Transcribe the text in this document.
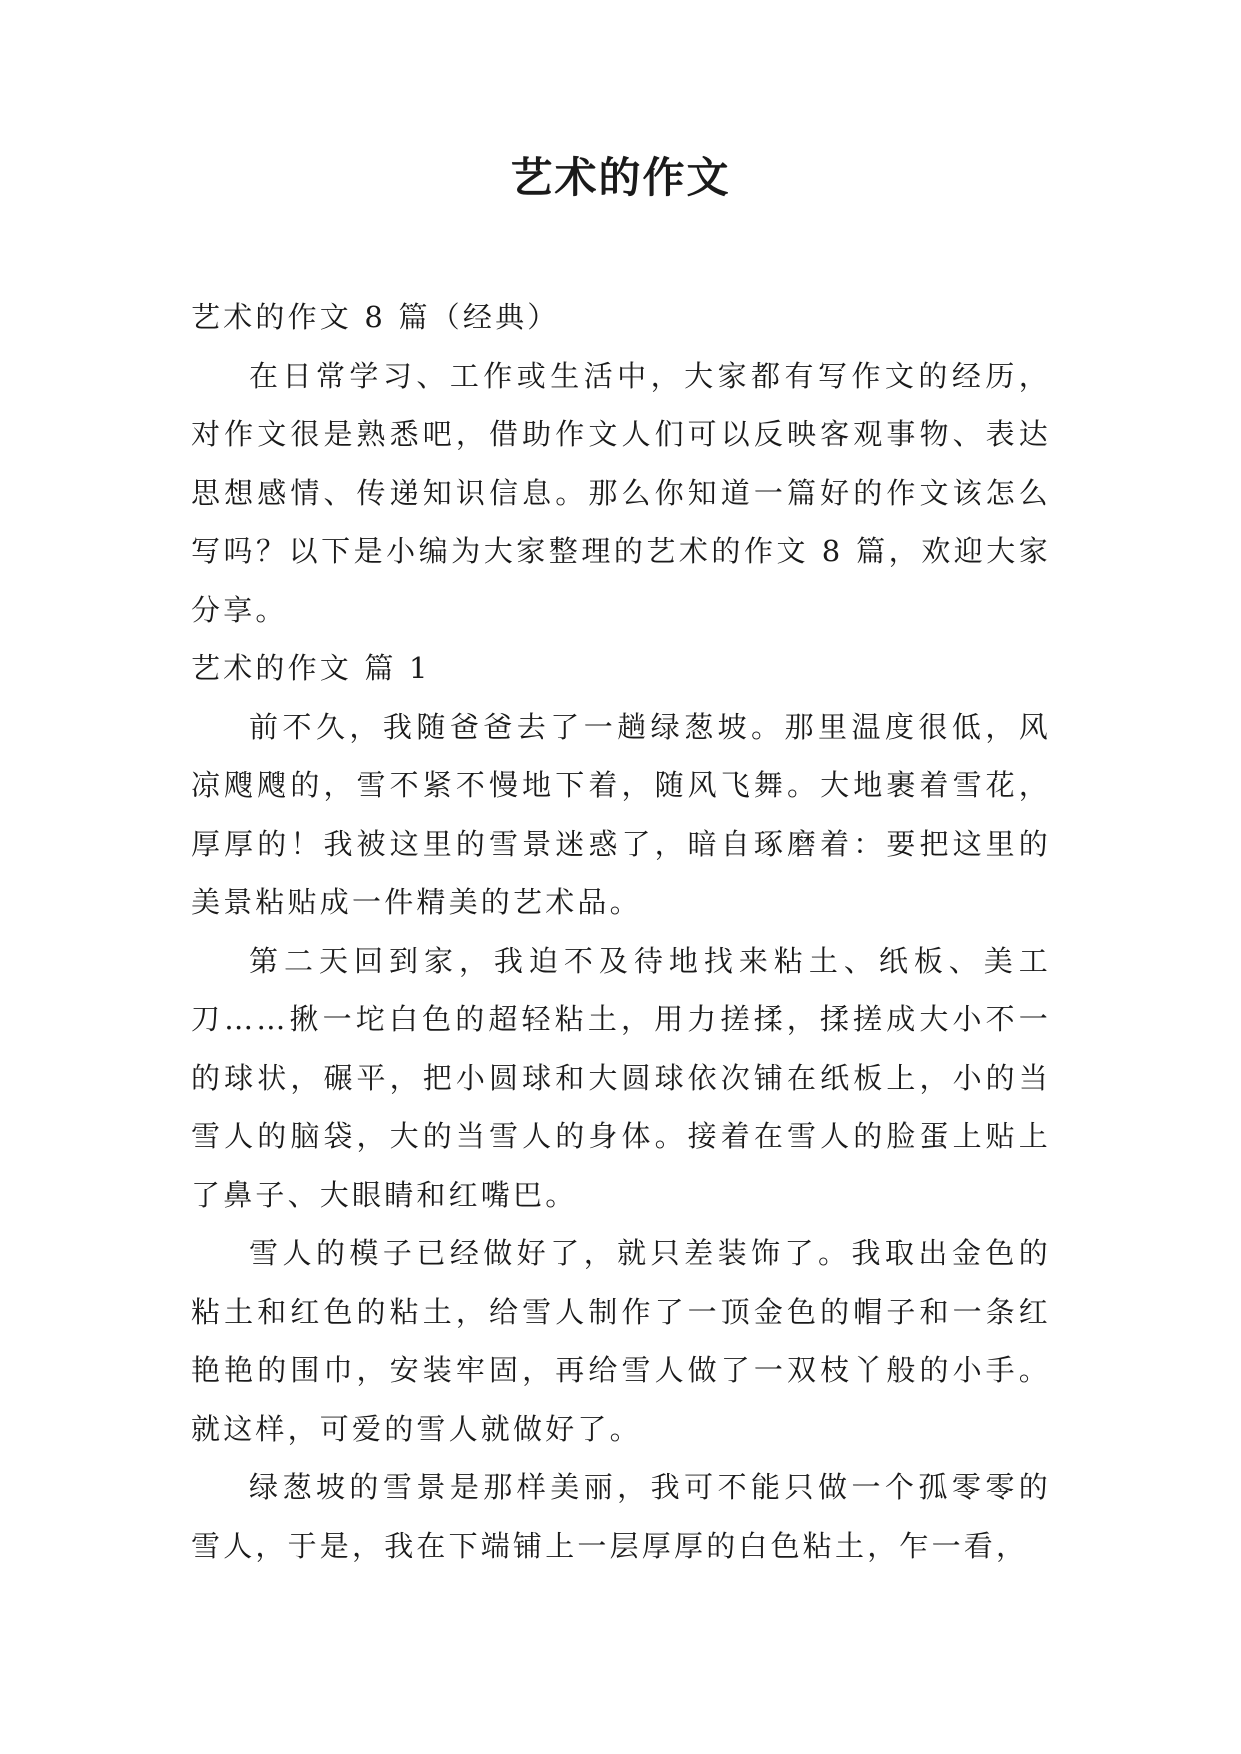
艺术的作文

艺术的作文 8 篇（经典）

在日常学习、工作或生活中，大家都有写作文的经历，对作文很是熟悉吧，借助作文人们可以反映客观事物、表达思想感情、传递知识信息。那么你知道一篇好的作文该怎么写吗？以下是小编为大家整理的艺术的作文 8 篇，欢迎大家分享。

艺术的作文 篇 1

前不久，我随爸爸去了一趟绿葱坡。那里温度很低，风凉飕飕的，雪不紧不慢地下着，随风飞舞。大地裹着雪花，厚厚的！我被这里的雪景迷惑了，暗自琢磨着：要把这里的美景粘贴成一件精美的艺术品。

第二天回到家，我迫不及待地找来粘土、纸板、美工刀……揪一坨白色的超轻粘土，用力搓揉，揉搓成大小不一的球状，碾平，把小圆球和大圆球依次铺在纸板上，小的当雪人的脑袋，大的当雪人的身体。接着在雪人的脸蛋上贴上了鼻子、大眼睛和红嘴巴。

雪人的模子已经做好了，就只差装饰了。我取出金色的粘土和红色的粘土，给雪人制作了一顶金色的帽子和一条红艳艳的围巾，安装牢固，再给雪人做了一双枝丫般的小手。就这样，可爱的雪人就做好了。

绿葱坡的雪景是那样美丽，我可不能只做一个孤零零的雪人，于是，我在下端铺上一层厚厚的白色粘土，乍一看，
